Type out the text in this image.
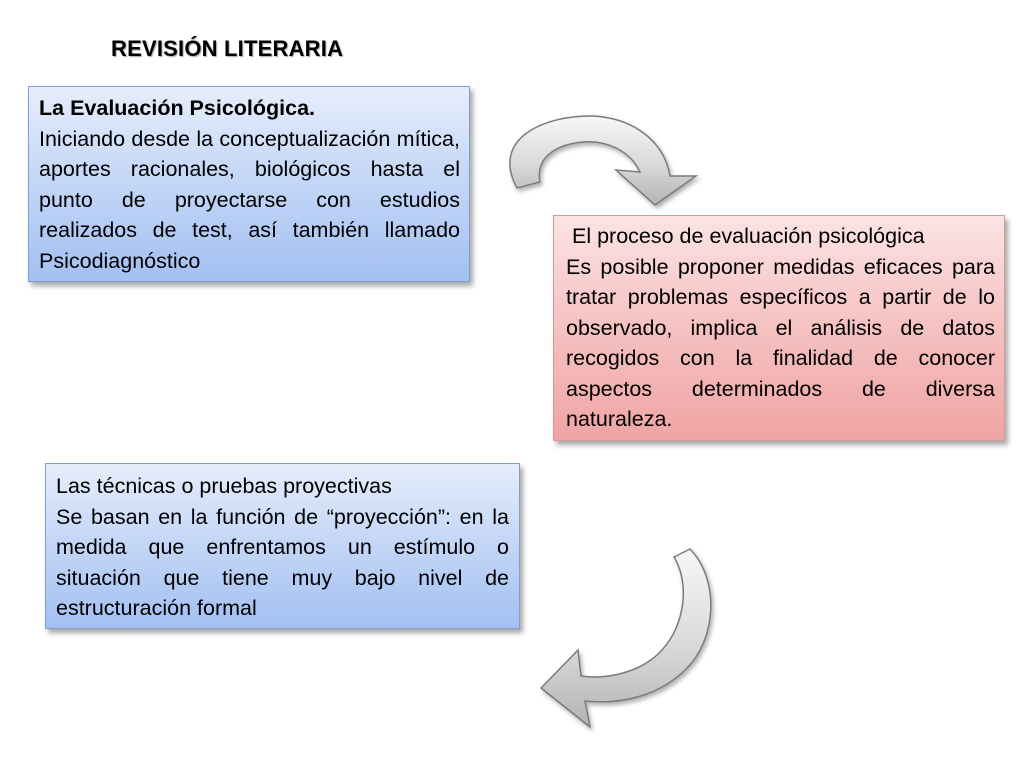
REVISIÓN LITERARIA

La Evaluación Psicológica.

Iniciando desde la conceptualización mítica, aportes racionales, biológicos hasta el punto de proyectarse con estudios realizados de test, así también llamado Psicodiagnóstico

El proceso de evaluación psicológica

Es posible proponer medidas eficaces para tratar problemas específicos a partir de lo observado, implica el análisis de datos recogidos con la finalidad de conocer aspectos determinados de diversa naturaleza.

Las técnicas o pruebas proyectivas

Se basan en la función de “proyección”: en la medida que enfrentamos un estímulo o situación que tiene muy bajo nivel de estructuración formal
